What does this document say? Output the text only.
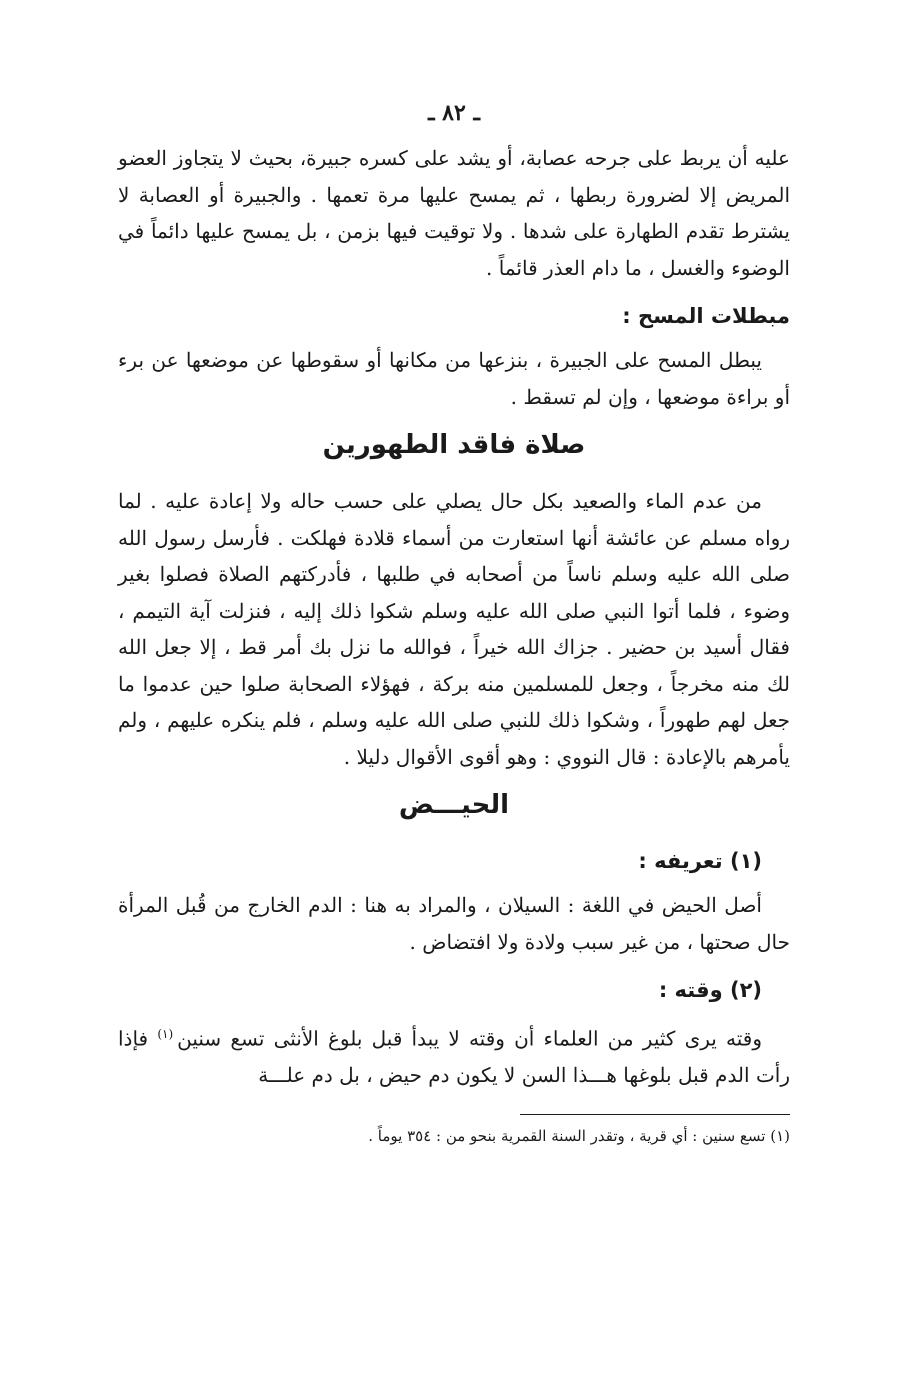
ـ ٨٢ ـ

عليه أن يربط على جرحه عصابة، أو يشد على كسره جبيرة، بحيث لا يتجاوز العضو المريض إلا لضرورة ربطها ، ثم يمسح عليها مرة تعمها . والجبيرة أو العصابة لا يشترط تقدم الطهارة على شدها . ولا توقيت فيها بزمن ، بل يمسح عليها دائماً في الوضوء والغسل ، ما دام العذر قائماً .

مبطلات المسح :

يبطل المسح على الجبيرة ، بنزعها من مكانها أو سقوطها عن موضعها عن برء أو براءة موضعها ، وإن لم تسقط .

صلاة فاقد الطهورين

من عدم الماء والصعيد بكل حال يصلي على حسب حاله ولا إعادة عليه . لما رواه مسلم عن عائشة أنها استعارت من أسماء قلادة فهلكت . فأرسل رسول الله صلى الله عليه وسلم ناساً من أصحابه في طلبها ، فأدركتهم الصلاة فصلوا بغير وضوء ، فلما أتوا النبي صلى الله عليه وسلم شكوا ذلك إليه ، فنزلت آية التيمم ، فقال أسيد بن حضير . جزاك الله خيراً ، فوالله ما نزل بك أمر قط ، إلا جعل الله لك منه مخرجاً ، وجعل للمسلمين منه بركة ، فهؤلاء الصحابة صلوا حين عدموا ما جعل لهم طهوراً ، وشكوا ذلك للنبي صلى الله عليه وسلم ، فلم ينكره عليهم ، ولم يأمرهم بالإعادة : قال النووي : وهو أقوى الأقوال دليلا .

الحيـــض
(١) تعريفه :

أصل الحيض في اللغة : السيلان ، والمراد به هنا : الدم الخارج من قُبل المرأة حال صحتها ، من غير سبب ولادة ولا افتضاض .

(٢) وقته :

وقته يرى كثير من العلماء أن وقته لا يبدأ قبل بلوغ الأنثى تسع سنين$^{(١)}$ فإذا رأت الدم قبل بلوغها هـــذا السن لا يكون دم حيض ، بل دم علـــة

(١) تسع سنين : أي قرية ، وتقدر السنة القمرية بنحو من : ٣٥٤ يوماً .
